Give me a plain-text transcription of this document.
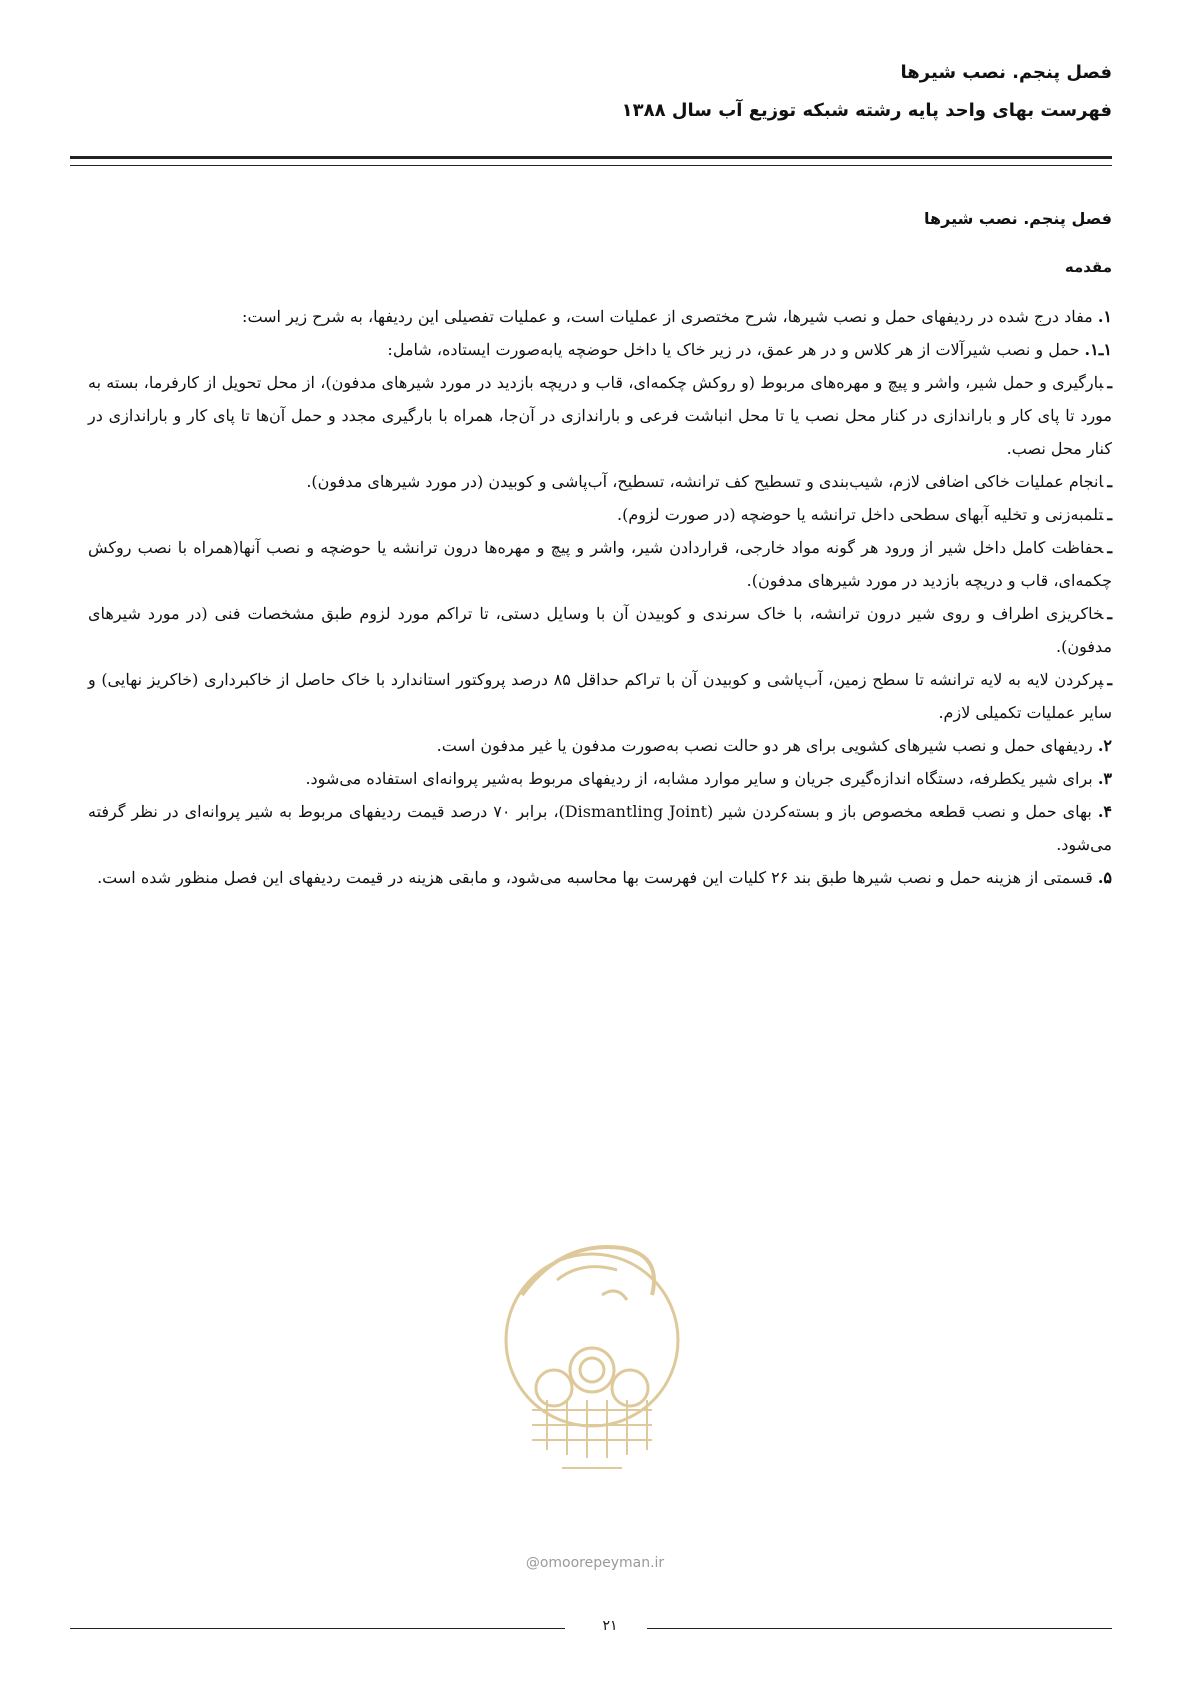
فصل پنجم. نصب شیرها
فهرست بهای واحد پایه رشته شبکه توزیع آب سال ۱۳۸۸
فصل پنجم. نصب شیرها
مقدمه

۱. مفاد درج شده در ردیفهای حمل و نصب شیرها، شرح مختصری از عملیات است، و عملیات تفصیلی این ردیفها، به شرح زیر است:

۱ـ۱. حمل و نصب شیرآلات از هر کلاس و در هر عمق، در زیر خاک یا داخل حوضچه یابه‌صورت ایستاده، شامل:

ـبارگیری و حمل شیر، واشر و پیچ و مهره‌های مربوط (و روکش چکمه‌ای، قاب و دریچه بازدید در مورد شیرهای مدفون)، از محل تحویل از کارفرما، بسته به مورد تا پای کار و باراندازی در کنار محل نصب یا تا محل انباشت فرعی و باراندازی در آن‌جا، همراه با بارگیری مجدد و حمل آن‌ها تا پای کار و باراندازی در کنار محل نصب.

ـانجام عملیات خاکی اضافی لازم، شیب‌بندی و تسطیح کف ترانشه، تسطیح، آب‌پاشی و کوبیدن (در مورد شیرهای مدفون).

ـتلمبه‌زنی و تخلیه آبهای سطحی داخل ترانشه یا حوضچه (در صورت لزوم).

ـحفاظت کامل داخل شیر از ورود هر گونه مواد خارجی، قراردادن شیر، واشر و پیچ و مهره‌ها درون ترانشه یا حوضچه و نصب آنها(همراه با نصب روکش چکمه‌ای، قاب و دریچه بازدید در مورد شیرهای مدفون).

ـخاکریزی اطراف و روی شیر درون ترانشه، با خاک سرندی و کوبیدن آن با وسایل دستی، تا تراکم مورد لزوم طبق مشخصات فنی (در مورد شیرهای مدفون).

ـپرکردن لایه به لایه ترانشه تا سطح زمین، آب‌پاشی و کوبیدن آن با تراکم حداقل ۸۵ درصد پروکتور استاندارد با خاک حاصل از خاکبرداری (خاکریز نهایی) و سایر عملیات تکمیلی لازم.

۲. ردیفهای حمل و نصب شیرهای کشویی برای هر دو حالت نصب به‌صورت مدفون یا غیر مدفون است.

۳. برای شیر یکطرفه، دستگاه اندازه‌گیری جریان و سایر موارد مشابه، از ردیفهای مربوط به‌شیر پروانه‌ای استفاده می‌شود.

۴. بهای حمل و نصب قطعه مخصوص باز و بسته‌کردن شیر (Dismantling Joint)، برابر ۷۰ درصد قیمت ردیفهای مربوط به شیر پروانه‌ای در نظر گرفته می‌شود.

۵. قسمتی از هزینه حمل و نصب شیرها طبق بند ۲۶ کلیات این فهرست بها محاسبه می‌شود، و مابقی هزینه در قیمت ردیفهای این فصل منظور شده است.

@omoorepeyman.ir
۲۱
